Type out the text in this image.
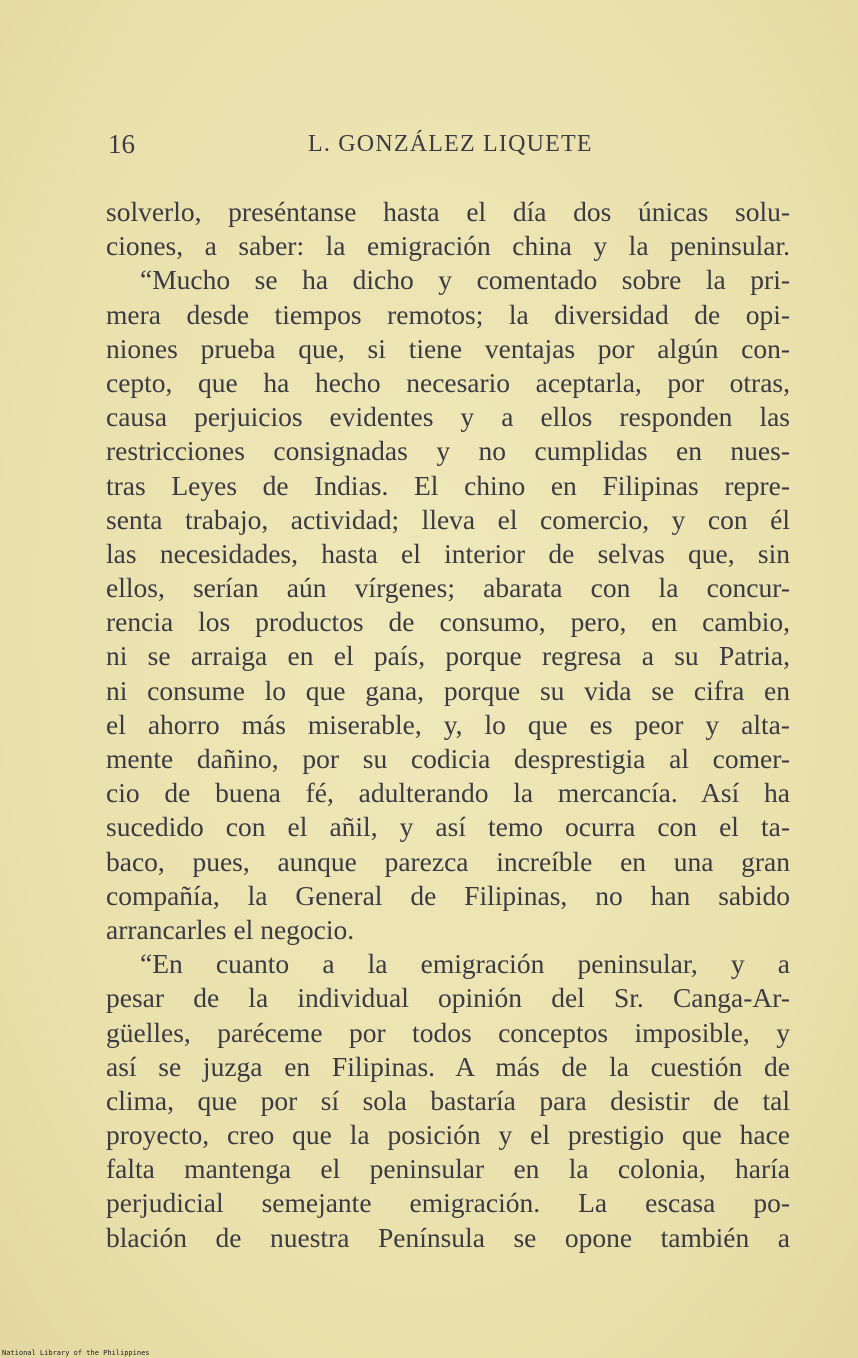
16	L. GONZÁLEZ LIQUETE
solverlo, preséntanse hasta el día dos únicas solu-
ciones, a saber: la emigración china y la peninsular.
“Mucho se ha dicho y comentado sobre la pri-
mera desde tiempos remotos; la diversidad de opi-
niones prueba que, si tiene ventajas por algún con-
cepto, que ha hecho necesario aceptarla, por otras,
causa perjuicios evidentes y a ellos responden las
restricciones consignadas y no cumplidas en nues-
tras Leyes de Indias. El chino en Filipinas repre-
senta trabajo, actividad; lleva el comercio, y con él
las necesidades, hasta el interior de selvas que, sin
ellos, serían aún vírgenes; abarata con la concur-
rencia los productos de consumo, pero, en cambio,
ni se arraiga en el país, porque regresa a su Patria,
ni consume lo que gana, porque su vida se cifra en
el ahorro más miserable, y, lo que es peor y alta-
mente dañino, por su codicia desprestigia al comer-
cio de buena fé, adulterando la mercancía. Así ha
sucedido con el añil, y así temo ocurra con el ta-
baco, pues, aunque parezca increíble en una gran
compañía, la General de Filipinas, no han sabido
arrancarles el negocio.
“En cuanto a la emigración peninsular, y a
pesar de la individual opinión del Sr. Canga-Ar-
güelles, paréceme por todos conceptos imposible, y
así se juzga en Filipinas. A más de la cuestión de
clima, que por sí sola bastaría para desistir de tal
proyecto, creo que la posición y el prestigio que hace
falta mantenga el peninsular en la colonia, haría
perjudicial semejante emigración. La escasa po-
blación de nuestra Península se opone también a
National Library of the Philippines
